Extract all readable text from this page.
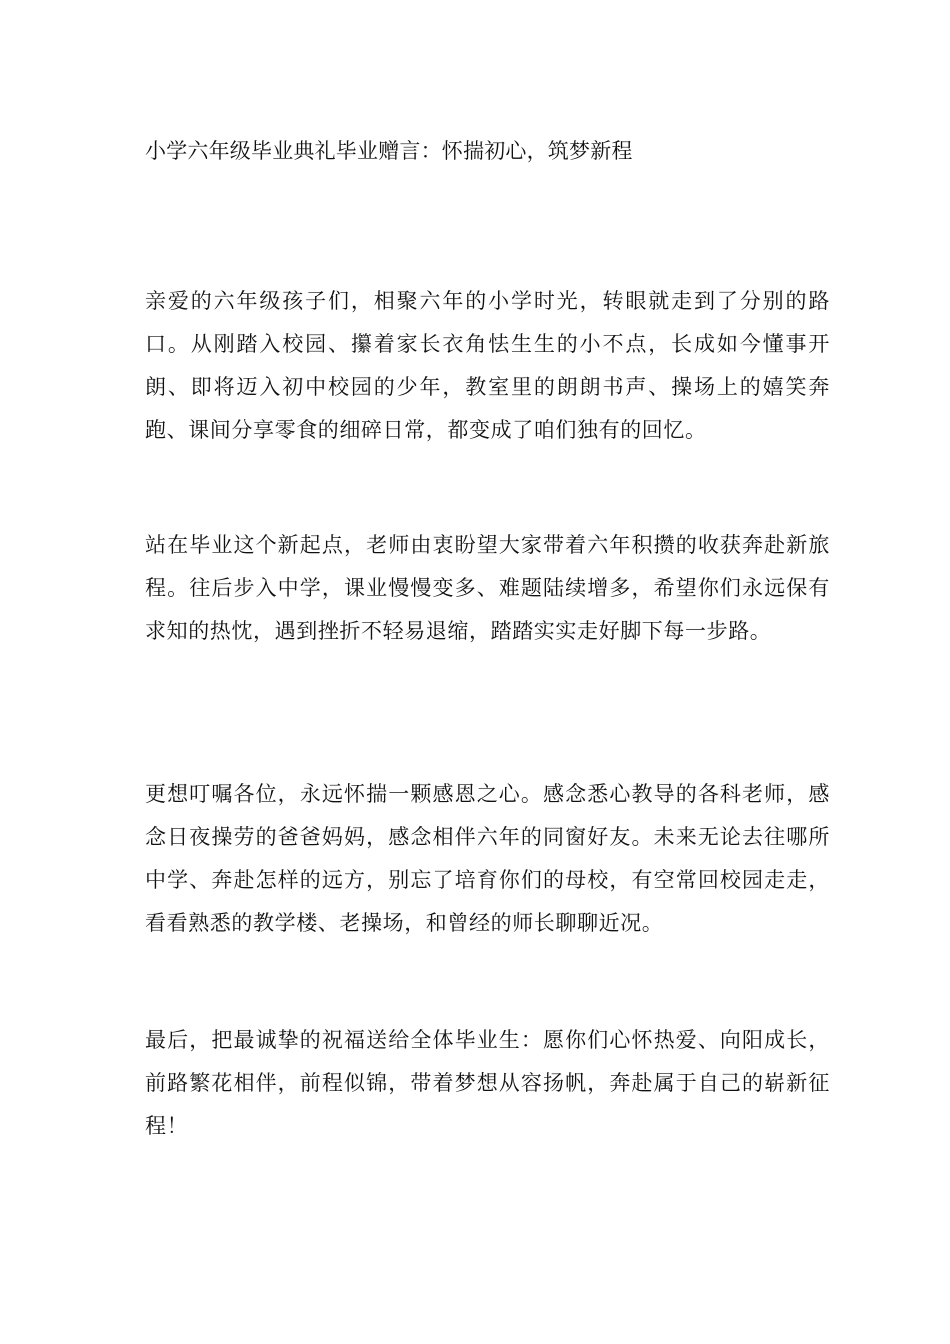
小学六年级毕业典礼毕业赠言：怀揣初心，筑梦新程

亲爱的六年级孩子们，相聚六年的小学时光，转眼就走到了分别的路口。从刚踏入校园、攥着家长衣角怯生生的小不点，长成如今懂事开朗、即将迈入初中校园的少年，教室里的朗朗书声、操场上的嬉笑奔跑、课间分享零食的细碎日常，都变成了咱们独有的回忆。

站在毕业这个新起点，老师由衷盼望大家带着六年积攒的收获奔赴新旅程。往后步入中学，课业慢慢变多、难题陆续增多，希望你们永远保有求知的热忱，遇到挫折不轻易退缩，踏踏实实走好脚下每一步路。

更想叮嘱各位，永远怀揣一颗感恩之心。感念悉心教导的各科老师，感念日夜操劳的爸爸妈妈，感念相伴六年的同窗好友。未来无论去往哪所中学、奔赴怎样的远方，别忘了培育你们的母校，有空常回校园走走，看看熟悉的教学楼、老操场，和曾经的师长聊聊近况。

最后，把最诚挚的祝福送给全体毕业生：愿你们心怀热爱、向阳成长，前路繁花相伴，前程似锦，带着梦想从容扬帆，奔赴属于自己的崭新征程！
